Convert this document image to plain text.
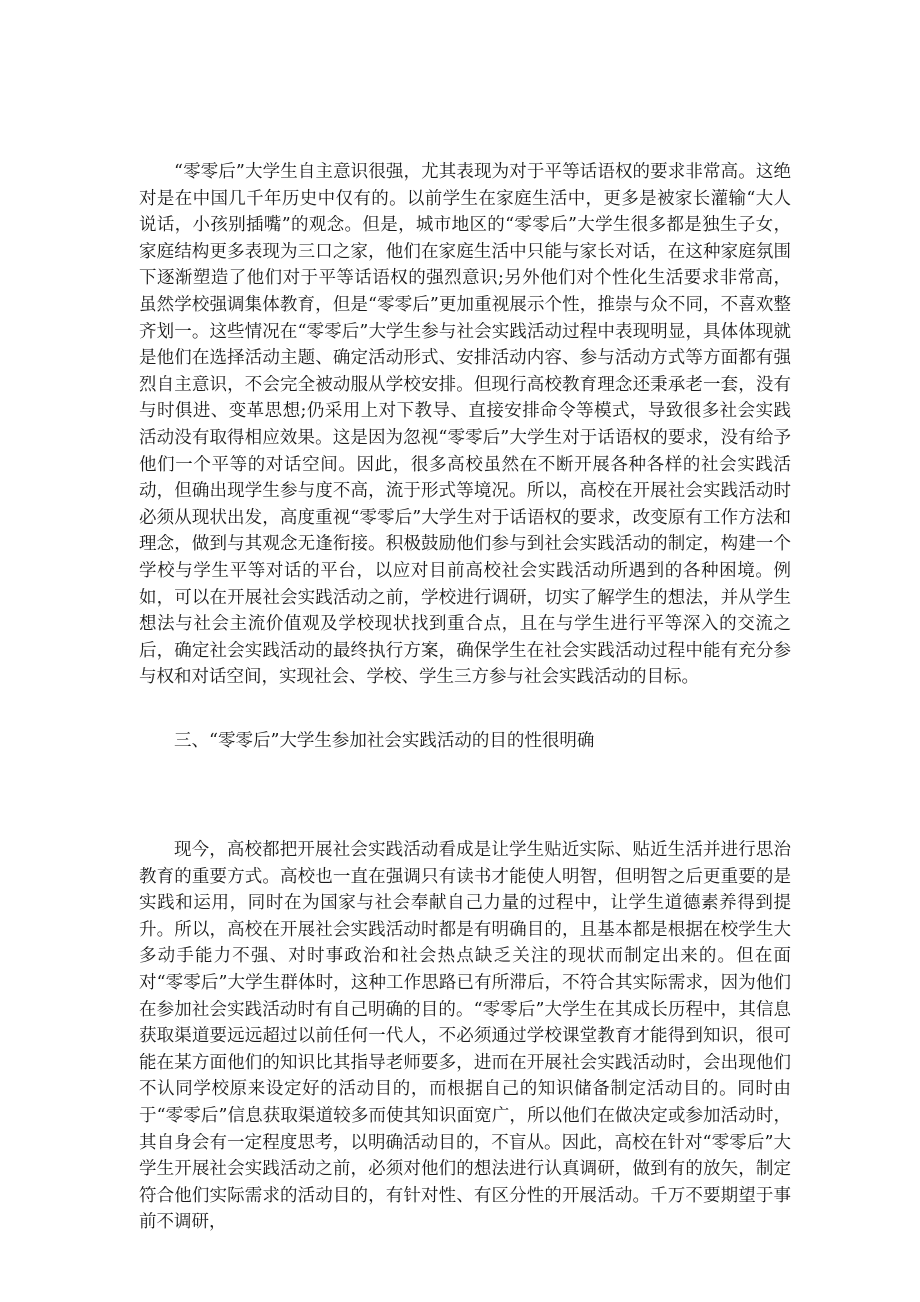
“零零后”大学生自主意识很强，尤其表现为对于平等话语权的要求非常高。这绝对是在中国几千年历史中仅有的。以前学生在家庭生活中，更多是被家长灌输“大人说话，小孩别插嘴”的观念。但是，城市地区的“零零后”大学生很多都是独生子女，家庭结构更多表现为三口之家，他们在家庭生活中只能与家长对话，在这种家庭氛围下逐渐塑造了他们对于平等话语权的强烈意识;另外他们对个性化生活要求非常高，虽然学校强调集体教育，但是“零零后”更加重视展示个性，推崇与众不同，不喜欢整齐划一。这些情况在“零零后”大学生参与社会实践活动过程中表现明显，具体体现就是他们在选择活动主题、确定活动形式、安排活动内容、参与活动方式等方面都有强烈自主意识，不会完全被动服从学校安排。但现行高校教育理念还秉承老一套，没有与时俱进、变革思想;仍采用上对下教导、直接安排命令等模式，导致很多社会实践活动没有取得相应效果。这是因为忽视“零零后”大学生对于话语权的要求，没有给予他们一个平等的对话空间。因此，很多高校虽然在不断开展各种各样的社会实践活动，但确出现学生参与度不高，流于形式等境况。所以，高校在开展社会实践活动时必须从现状出发，高度重视“零零后”大学生对于话语权的要求，改变原有工作方法和理念，做到与其观念无逢衔接。积极鼓励他们参与到社会实践活动的制定，构建一个学校与学生平等对话的平台，以应对目前高校社会实践活动所遇到的各种困境。例如，可以在开展社会实践活动之前，学校进行调研，切实了解学生的想法，并从学生想法与社会主流价值观及学校现状找到重合点，且在与学生进行平等深入的交流之后，确定社会实践活动的最终执行方案，确保学生在社会实践活动过程中能有充分参与权和对话空间，实现社会、学校、学生三方参与社会实践活动的目标。

三、“零零后”大学生参加社会实践活动的目的性很明确

现今，高校都把开展社会实践活动看成是让学生贴近实际、贴近生活并进行思治教育的重要方式。高校也一直在强调只有读书才能使人明智，但明智之后更重要的是实践和运用，同时在为国家与社会奉献自己力量的过程中，让学生道德素养得到提升。所以，高校在开展社会实践活动时都是有明确目的，且基本都是根据在校学生大多动手能力不强、对时事政治和社会热点缺乏关注的现状而制定出来的。但在面对“零零后”大学生群体时，这种工作思路已有所滞后，不符合其实际需求，因为他们在参加社会实践活动时有自己明确的目的。“零零后”大学生在其成长历程中，其信息获取渠道要远远超过以前任何一代人，不必须通过学校课堂教育才能得到知识，很可能在某方面他们的知识比其指导老师要多，进而在开展社会实践活动时，会出现他们不认同学校原来设定好的活动目的，而根据自己的知识储备制定活动目的。同时由于“零零后”信息获取渠道较多而使其知识面宽广，所以他们在做决定或参加活动时，其自身会有一定程度思考，以明确活动目的，不盲从。因此，高校在针对“零零后”大学生开展社会实践活动之前，必须对他们的想法进行认真调研，做到有的放矢，制定符合他们实际需求的活动目的，有针对性、有区分性的开展活动。千万不要期望于事前不调研，
